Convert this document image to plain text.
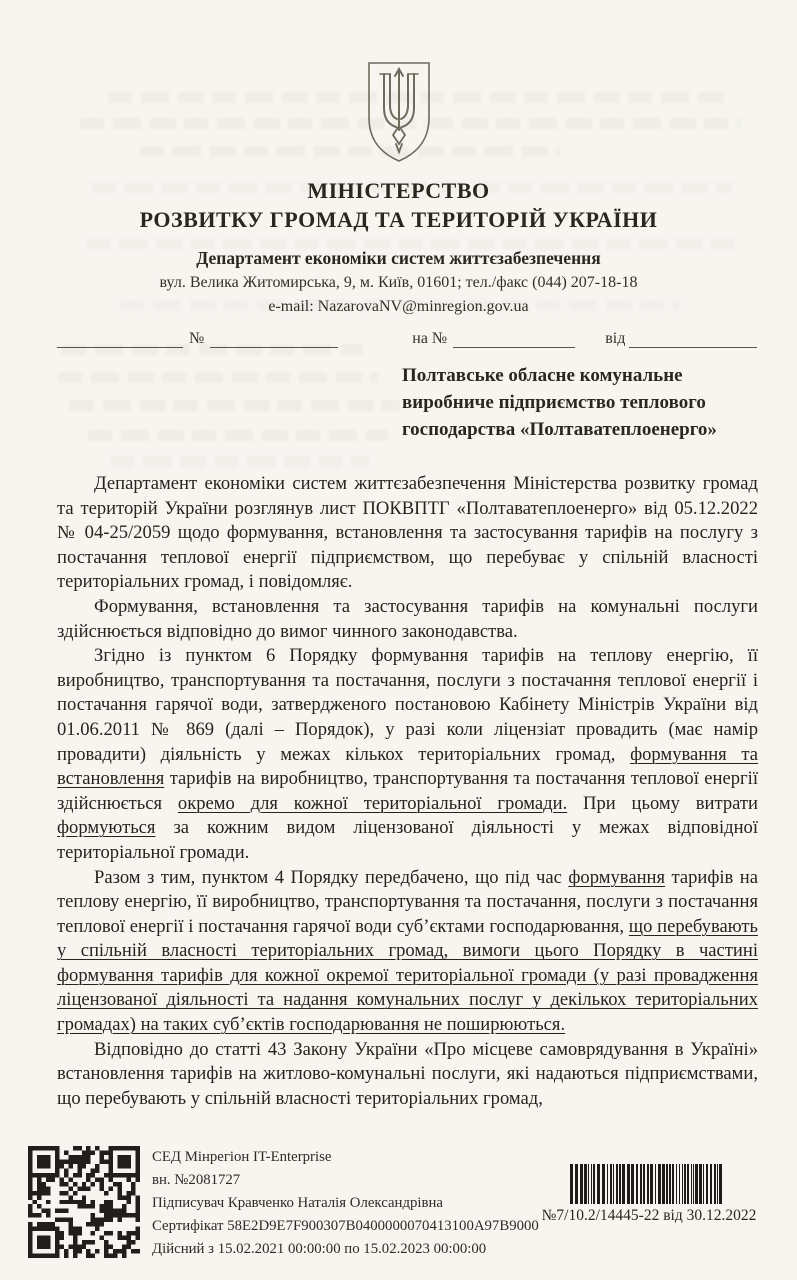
МІНІСТЕРСТВО
РОЗВИТКУ ГРОМАД ТА ТЕРИТОРІЙ УКРАЇНИ
Департамент економіки систем життєзабезпечення
вул. Велика Житомирська, 9, м. Київ, 01601; тел./факс (044) 207-18-18
e-mail: NazarovaNV@minregion.gov.ua
№	на №	від
Полтавське обласне комунальне
виробниче підприємство теплового
господарства «Полтаватеплоенерго»

Департамент економіки систем життєзабезпечення Міністерства розвитку громад та територій України розглянув лист ПОКВПТГ «Полтаватеплоенерго» від 05.12.2022 № 04-25/2059 щодо формування, встановлення та застосування тарифів на послугу з постачання теплової енергії підприємством, що перебуває у спільній власності територіальних громад, і повідомляє.

Формування, встановлення та застосування тарифів на комунальні послуги здійснюється відповідно до вимог чинного законодавства.

Згідно із пунктом 6 Порядку формування тарифів на теплову енергію, її виробництво, транспортування та постачання, послуги з постачання теплової енергії і постачання гарячої води, затвердженого постановою Кабінету Міністрів України від 01.06.2011 № 869 (далі – Порядок), у разі коли ліцензіат провадить (має намір провадити) діяльність у межах кількох територіальних громад, формування та встановлення тарифів на виробництво, транспортування та постачання теплової енергії здійснюється окремо для кожної територіальної громади. При цьому витрати формуються за кожним видом ліцензованої діяльності у межах відповідної територіальної громади.

Разом з тим, пунктом 4 Порядку передбачено, що під час формування тарифів на теплову енергію, її виробництво, транспортування та постачання, послуги з постачання теплової енергії і постачання гарячої води суб’єктами господарювання, що перебувають у спільній власності територіальних громад, вимоги цього Порядку в частині формування тарифів для кожної окремої територіальної громади (у разі провадження ліцензованої діяльності та надання комунальних послуг у декількох територіальних громадах) на таких суб’єктів господарювання не поширюються.

Відповідно до статті 43 Закону України «Про місцеве самоврядування в Україні» встановлення тарифів на житлово-комунальні послуги, які надаються підприємствами, що перебувають у спільній власності територіальних громад,

СЕД Мінрегіон IT-Enterprise
вн. №2081727
Підписувач Кравченко Наталія Олександрівна
Сертифікат 58E2D9E7F900307B0400000070413100A97B9000
Дійсний з 15.02.2021 00:00:00 по 15.02.2023 00:00:00
№7/10.2/14445-22 від 30.12.2022
